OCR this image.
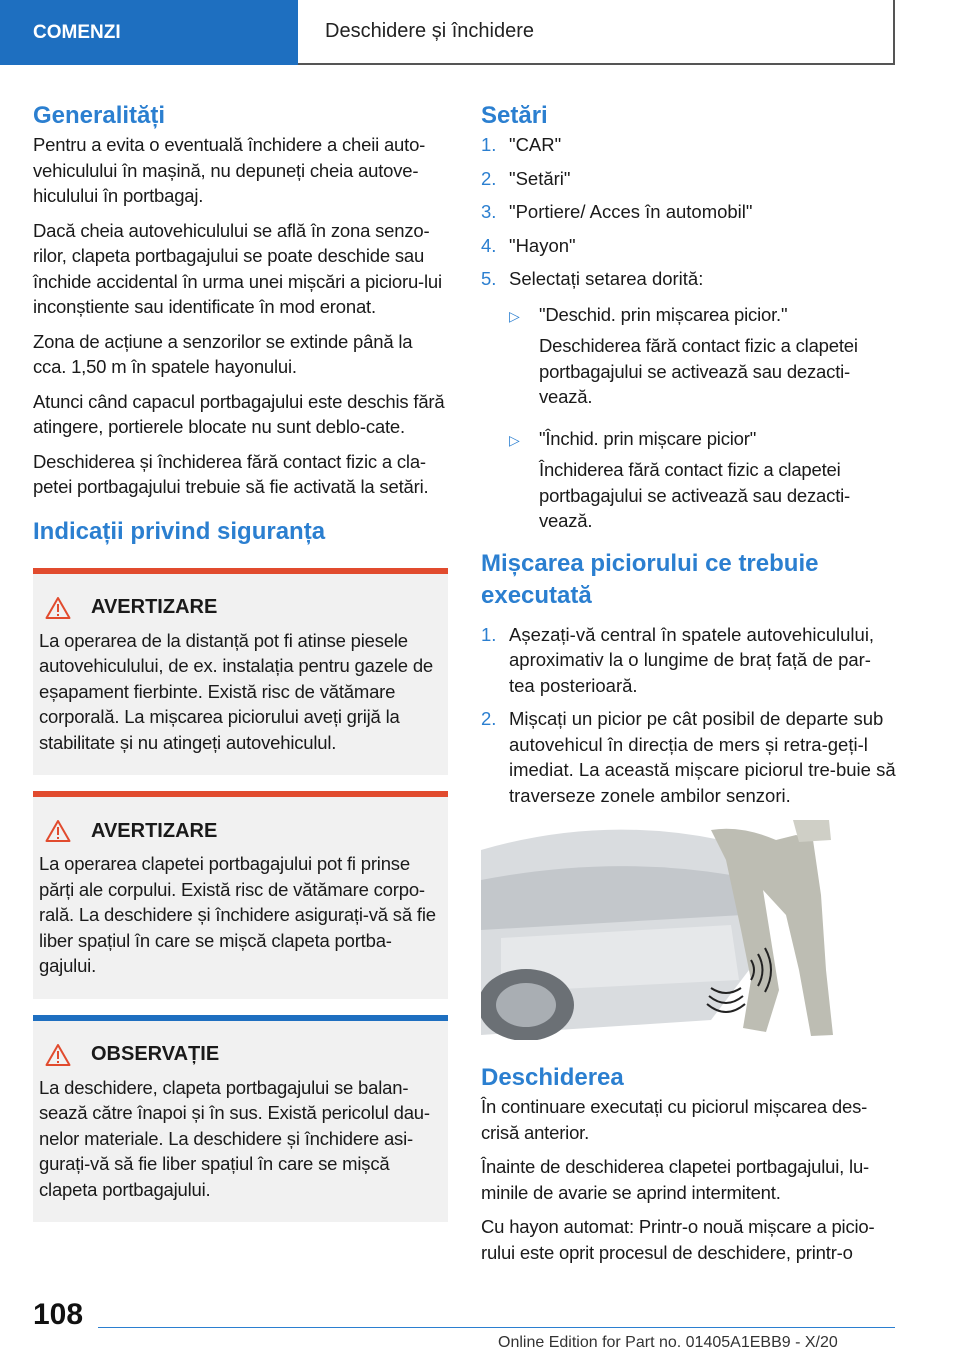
COMENZI	Deschidere și închidere
Generalități

Pentru a evita o eventuală închidere a cheii auto-vehiculului în mașină, nu depuneți cheia autove-hiculului în portbagaj.

Dacă cheia autovehiculului se află în zona senzo-rilor, clapeta portbagajului se poate deschide sau închide accidental în urma unei mișcări a picioru-lui inconștiente sau identificate în mod eronat.

Zona de acțiune a senzorilor se extinde până la cca. 1,50 m în spatele hayonului.

Atunci când capacul portbagajului este deschis fără atingere, portierele blocate nu sunt deblo-cate.

Deschiderea și închiderea fără contact fizic a cla-petei portbagajului trebuie să fie activată la setări.

Indicații privind siguranța
AVERTIZARE

La operarea de la distanță pot fi atinse piesele autovehiculului, de ex. instalația pentru gazele de eșapament fierbinte. Există risc de vătămare corporală. La mișcarea piciorului aveți grijă la stabilitate și nu atingeți autovehiculul.

AVERTIZARE

La operarea clapetei portbagajului pot fi prinse părți ale corpului. Există risc de vătămare corpo-rală. La deschidere și închidere asigurați-vă să fie liber spațiul în care se mișcă clapeta portba-gajului.

OBSERVAȚIE

La deschidere, clapeta portbagajului se balan-sează către înapoi și în sus. Există pericolul dau-nelor materiale. La deschidere și închidere asi-gurați-vă să fie liber spațiul în care se mișcă clapeta portbagajului.

Setări
1. "CAR"
2. "Setări"
3. "Portiere/ Acces în automobil"
4. "Hayon"
5. Selectați setarea dorită:
▷	"Deschid. prin mișcarea picior."

Deschiderea fără contact fizic a clapetei portbagajului se activează sau dezacti-vează.

▷	"Închid. prin mișcare picior"

Închiderea fără contact fizic a clapetei portbagajului se activează sau dezacti-vează.

Mișcarea piciorului ce trebuie executată
1. Așezați-vă central în spatele autovehiculului, aproximativ la o lungime de braț față de par-tea posterioară.
2. Mișcați un picior pe cât posibil de departe sub autovehicul în direcția de mers și retra-geți-l imediat. La această mișcare piciorul tre-buie să traverseze zonele ambilor senzori.
Deschiderea

În continuare executați cu piciorul mișcarea des-crisă anterior.

Înainte de deschiderea clapetei portbagajului, lu-minile de avarie se aprind intermitent.

Cu hayon automat: Printr-o nouă mișcare a picio-rului este oprit procesul de deschidere, printr-o

108
Online Edition for Part no. 01405A1EBB9 - X/20
